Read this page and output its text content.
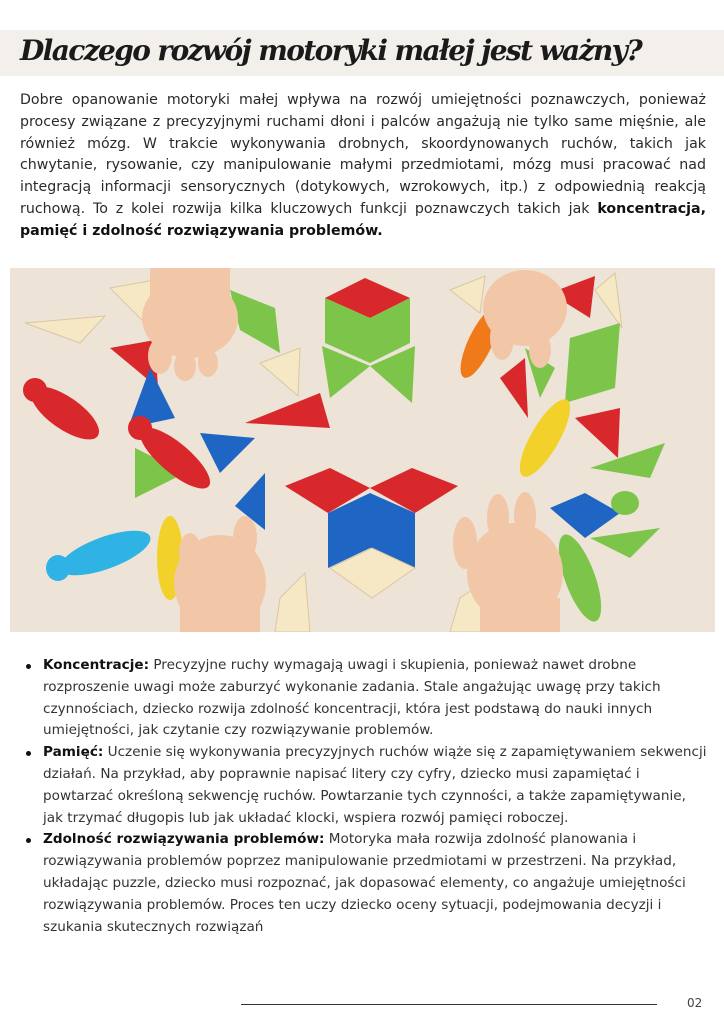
Dlaczego rozwój motoryki małej jest ważny?

Dobre opanowanie motoryki małej wpływa na rozwój umiejętności poznawczych, ponieważ procesy związane z precyzyjnymi ruchami dłoni i palców angażują nie tylko same mięśnie, ale również mózg. W trakcie wykonywania drobnych, skoordynowanych ruchów, takich jak chwytanie, rysowanie, czy manipulowanie małymi przedmiotami, mózg musi pracować nad integracją informacji sensorycznych (dotykowych, wzrokowych, itp.) z odpowiednią reakcją ruchową. To z kolei rozwija kilka kluczowych funkcji poznawczych takich jak koncentracja, pamięć i zdolność rozwiązywania problemów.

Koncentracje: Precyzyjne ruchy wymagają uwagi i skupienia, ponieważ nawet drobne rozproszenie uwagi może zaburzyć wykonanie zadania. Stale angażując uwagę przy takich czynnościach, dziecko rozwija zdolność koncentracji, która jest podstawą do nauki innych umiejętności, jak czytanie czy rozwiązywanie problemów.
Pamięć: Uczenie się wykonywania precyzyjnych ruchów wiąże się z zapamiętywaniem sekwencji działań. Na przykład, aby poprawnie napisać litery czy cyfry, dziecko musi zapamiętać i powtarzać określoną sekwencję ruchów. Powtarzanie tych czynności, a także zapamiętywanie, jak trzymać długopis lub jak układać klocki, wspiera rozwój pamięci roboczej.
Zdolność rozwiązywania problemów: Motoryka mała rozwija zdolność planowania i rozwiązywania problemów poprzez manipulowanie przedmiotami w przestrzeni. Na przykład, układając puzzle, dziecko musi rozpoznać, jak dopasować elementy, co angażuje umiejętności rozwiązywania problemów. Proces ten uczy dziecko oceny sytuacji, podejmowania decyzji i szukania skutecznych rozwiązań
02
